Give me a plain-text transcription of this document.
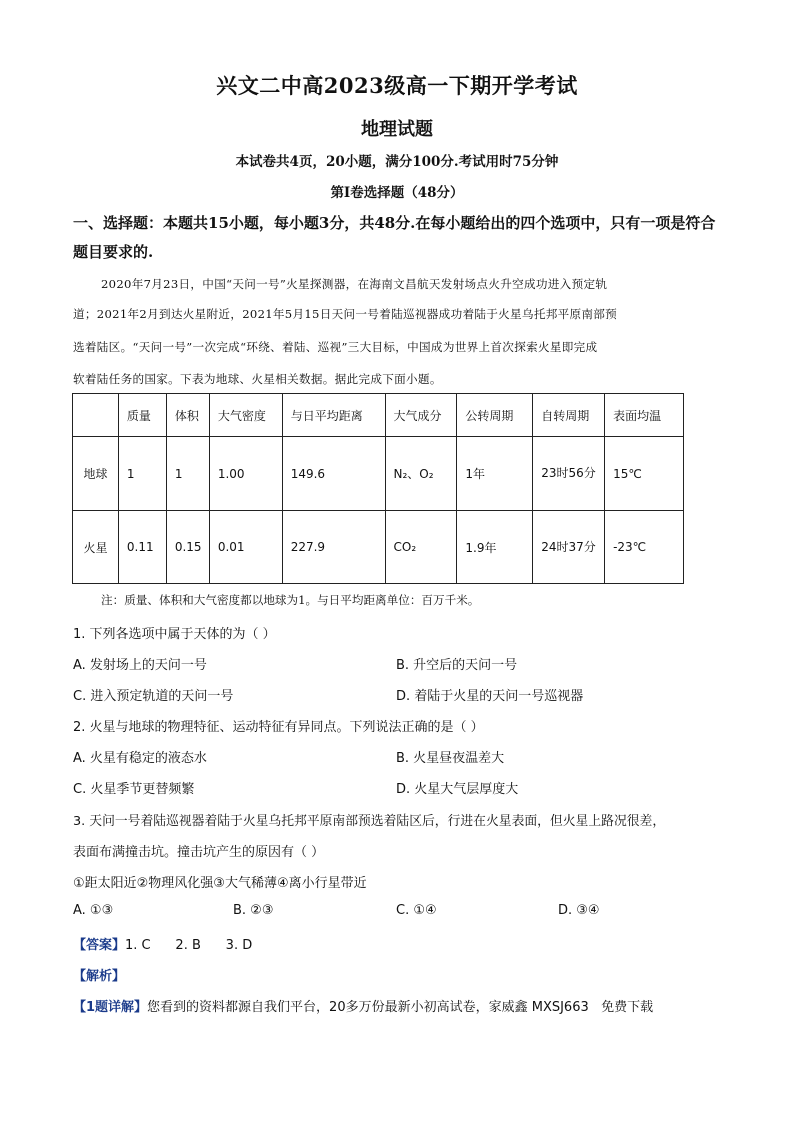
兴文二中高2023级高一下期开学考试
地理试题
本试卷共4页，20小题，满分100分.考试用时75分钟
第Ⅰ卷选择题（48分）
一、选择题：本题共15小题，每小题3分，共48分.在每小题给出的四个选项中，只有一项是符合题目要求的.
2020年7月23日，中国“天问一号”火星探测器，在海南文昌航天发射场点火升空成功进入预定轨
道；2021年2月到达火星附近，2021年5月15日天问一号着陆巡视器成功着陆于火星乌托邦平原南部预
选着陆区。“天问一号”一次完成“环绕、着陆、巡视”三大目标，中国成为世界上首次探索火星即完成
软着陆任务的国家。下表为地球、火星相关数据。据此完成下面小题。
	质量	体积	大气密度	与日平均距离	大气成分	公转周期	自转周期	表面均温
地球	1	1	1.00	149.6	N₂、O₂	1年	23时56分	15℃
火星	0.11	0.15	0.01	227.9	CO₂	1.9年	24时37分	-23℃
注：质量、体积和大气密度都以地球为1。与日平均距离单位：百万千米。
1. 下列各选项中属于天体的为（ ）
A. 发射场上的天问一号	B. 升空后的天问一号
C. 进入预定轨道的天问一号	D. 着陆于火星的天问一号巡视器
2. 火星与地球的物理特征、运动特征有异同点。下列说法正确的是（ ）
A. 火星有稳定的液态水	B. 火星昼夜温差大
C. 火星季节更替频繁	D. 火星大气层厚度大
3. 天问一号着陆巡视器着陆于火星乌托邦平原南部预选着陆区后，行进在火星表面，但火星上路况很差，
表面布满撞击坑。撞击坑产生的原因有（ ）
①距太阳近②物理风化强③大气稀薄④离小行星带近
A. ①③	B. ②③	C. ①④	D. ③④
【答案】1. C      2. B      3. D
【解析】
【1题详解】您看到的资料都源自我们平台，20多万份最新小初高试卷，家威鑫 MXSJ663   免费下载
